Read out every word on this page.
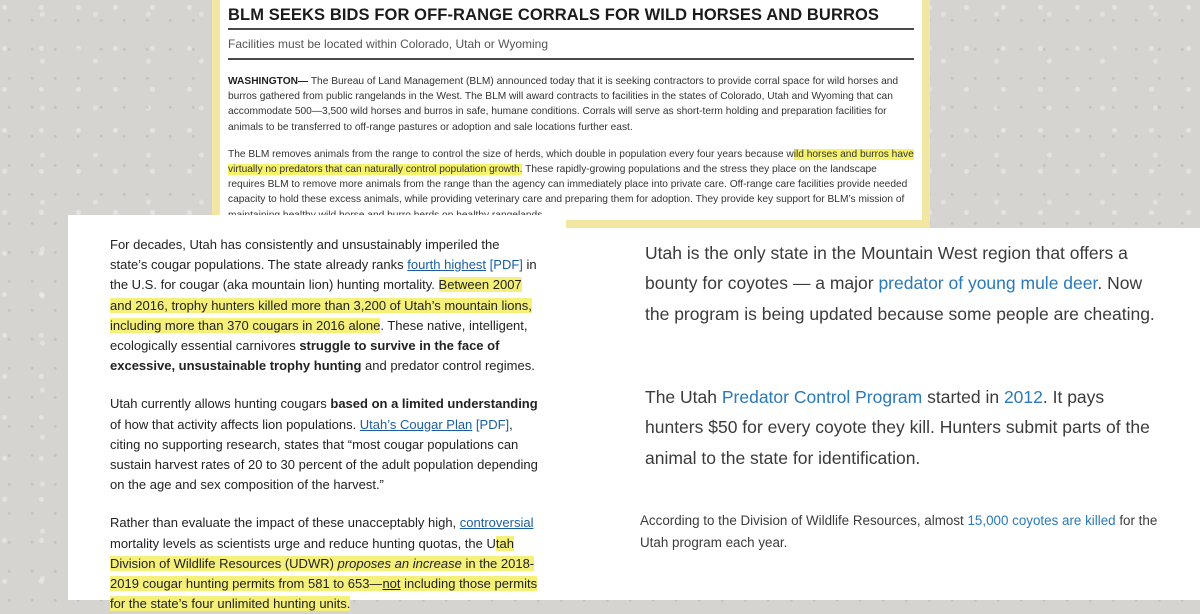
BLM SEEKS BIDS FOR OFF-RANGE CORRALS FOR WILD HORSES AND BURROS
Facilities must be located within Colorado, Utah or Wyoming

WASHINGTON— The Bureau of Land Management (BLM) announced today that it is seeking contractors to provide corral space for wild horses and burros gathered from public rangelands in the West. The BLM will award contracts to facilities in the states of Colorado, Utah and Wyoming that can accommodate 500—3,500 wild horses and burros in safe, humane conditions. Corrals will serve as short-term holding and preparation facilities for animals to be transferred to off-range pastures or adoption and sale locations further east.

The BLM removes animals from the range to control the size of herds, which double in population every four years because wild horses and burros have virtually no predators that can naturally control population growth. These rapidly-growing populations and the stress they place on the landscape requires BLM to remove more animals from the range than the agency can immediately place into private care. Off-range care facilities provide needed capacity to hold these excess animals, while providing veterinary care and preparing them for adoption. They provide key support for BLM’s mission of

For decades, Utah has consistently and unsustainably imperiled the state’s cougar populations. The state already ranks fourth highest [PDF] in the U.S. for cougar (aka mountain lion) hunting mortality. Between 2007 and 2016, trophy hunters killed more than 3,200 of Utah’s mountain lions, including more than 370 cougars in 2016 alone. These native, intelligent, ecologically essential carnivores struggle to survive in the face of excessive, unsustainable trophy hunting and predator control regimes.

Utah currently allows hunting cougars based on a limited understanding of how that activity affects lion populations. Utah’s Cougar Plan [PDF], citing no supporting research, states that “most cougar populations can sustain harvest rates of 20 to 30 percent of the adult population depending on the age and sex composition of the harvest.”

Rather than evaluate the impact of these unacceptably high, controversial mortality levels as scientists urge and reduce hunting quotas, the Utah Division of Wildlife Resources (UDWR) proposes an increase in the 2018-2019 cougar hunting permits from 581 to 653—not including those permits for the state’s four unlimited hunting units.

Utah is the only state in the Mountain West region that offers a bounty for coyotes — a major predator of young mule deer. Now the program is being updated because some people are cheating.
The Utah Predator Control Program started in 2012. It pays hunters $50 for every coyote they kill. Hunters submit parts of the animal to the state for identification.
According to the Division of Wildlife Resources, almost 15,000 coyotes are killed for the Utah program each year.
